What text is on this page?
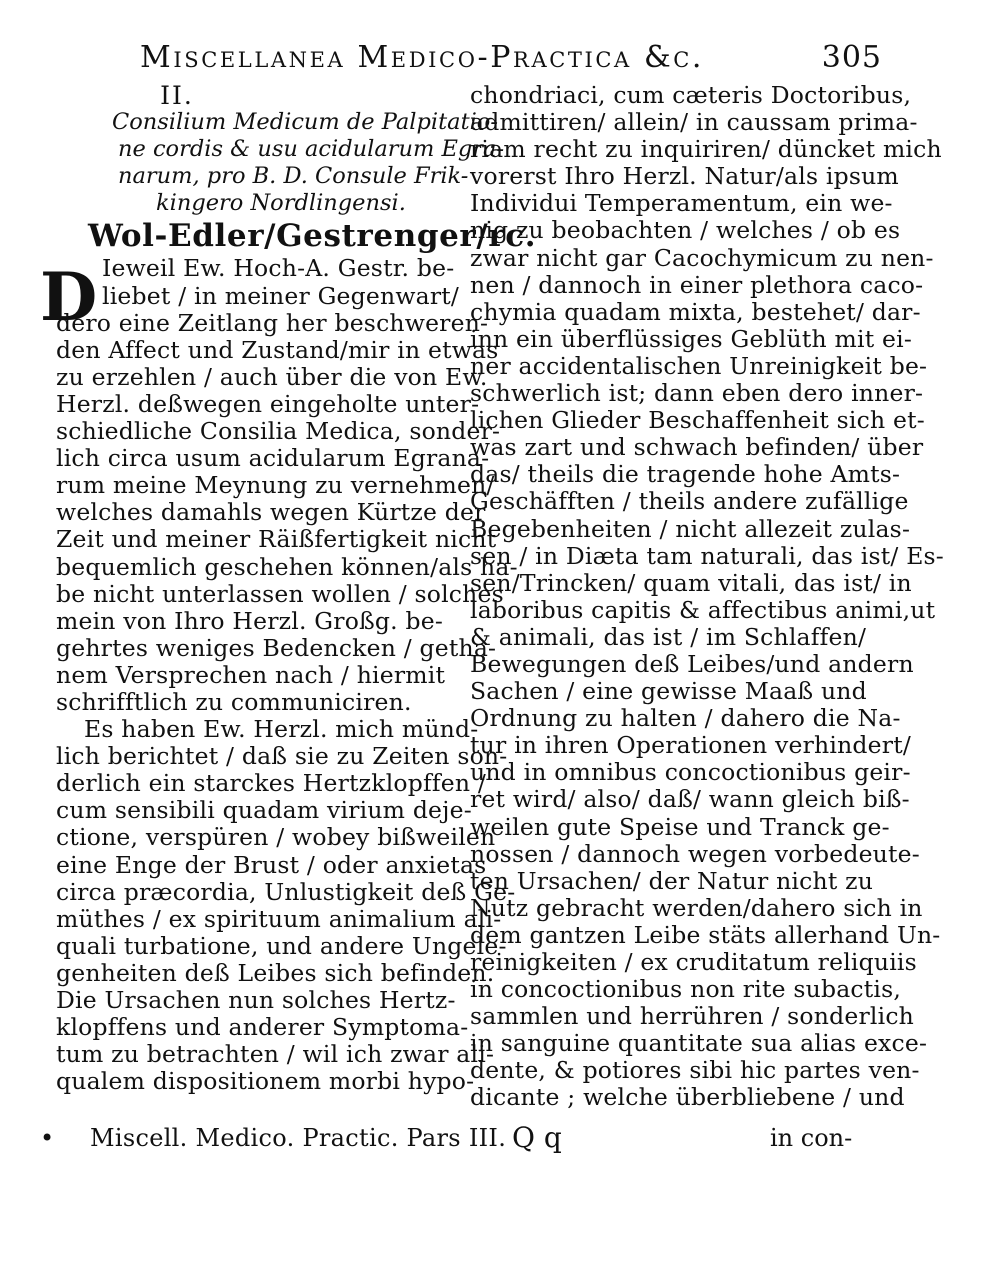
Miscellanea Medico-Practica &c.	305
D
II.
Consilium Medicum de Palpitatio-
ne cordis & usu acidularum Egra-
narum, pro B. D. Consule Frik-
kingero Nordlingensi.
Wol-Edler/Gestrenger/rc.
Ieweil Ew. Hoch-A. Gestr. be-
liebet / in meiner Gegenwart/
dero eine Zeitlang her beschweren-
den Affect und Zustand/mir in etwas
zu erzehlen / auch über die von Ew.
Herzl. deßwegen eingeholte unter-
schiedliche Consilia Medica, sonder-
lich circa usum acidularum Egrana-
rum meine Meynung zu vernehmen/
welches damahls wegen Kürtze der
Zeit und meiner Räißfertigkeit nicht
bequemlich geschehen können/als ha-
be nicht unterlassen wollen / solches
mein von Ihro Herzl. Großg. be-
gehrtes weniges Bedencken / getha-
nem Versprechen nach / hiermit
schrifftlich zu communiciren.
Es haben Ew. Herzl. mich münd-
lich berichtet / daß sie zu Zeiten son-
derlich ein starckes Hertzklopffen /
cum sensibili quadam virium deje-
ctione, verspüren / wobey bißweilen
eine Enge der Brust / oder anxietas
circa præcordia, Unlustigkeit deß Ge-
müthes / ex spirituum animalium ali-
quali turbatione, und andere Ungele-
genheiten deß Leibes sich befinden.
Die Ursachen nun solches Hertz-
klopffens und anderer Symptoma-
tum zu betrachten / wil ich zwar ali-
qualem dispositionem morbi hypo-
chondriaci, cum cæteris Doctoribus,
admittiren/ allein/ in caussam prima-
riam recht zu inquiriren/ düncket mich
vorerst Ihro Herzl. Natur/als ipsum
Individui Temperamentum, ein we-
nig zu beobachten / welches / ob es
zwar nicht gar Cacochymicum zu nen-
nen / dannoch in einer plethora caco-
chymia quadam mixta, bestehet/ dar-
inn ein überflüssiges Geblüth mit ei-
ner accidentalischen Unreinigkeit be-
schwerlich ist; dann eben dero inner-
lichen Glieder Beschaffenheit sich et-
was zart und schwach befinden/ über
das/ theils die tragende hohe Amts-
Geschäfften / theils andere zufällige
Begebenheiten / nicht allezeit zulas-
sen / in Diæta tam naturali, das ist/ Es-
sen/Trincken/ quam vitali, das ist/ in
laboribus capitis & affectibus animi,ut
& animali, das ist / im Schlaffen/
Bewegungen deß Leibes/und andern
Sachen / eine gewisse Maaß und
Ordnung zu halten / dahero die Na-
tur in ihren Operationen verhindert/
und in omnibus concoctionibus geir-
ret wird/ also/ daß/ wann gleich biß-
weilen gute Speise und Tranck ge-
nossen / dannoch wegen vorbedeute-
ten Ursachen/ der Natur nicht zu
Nutz gebracht werden/dahero sich in
dem gantzen Leibe stäts allerhand Un-
reinigkeiten / ex cruditatum reliquiis
in concoctionibus non rite subactis,
sammlen und herrühren / sonderlich
in sanguine quantitate sua alias exce-
dente, & potiores sibi hic partes ven-
dicante ; welche überbliebene / und
• Miscell. Medico. Practic. Pars III. Q q	in con-
